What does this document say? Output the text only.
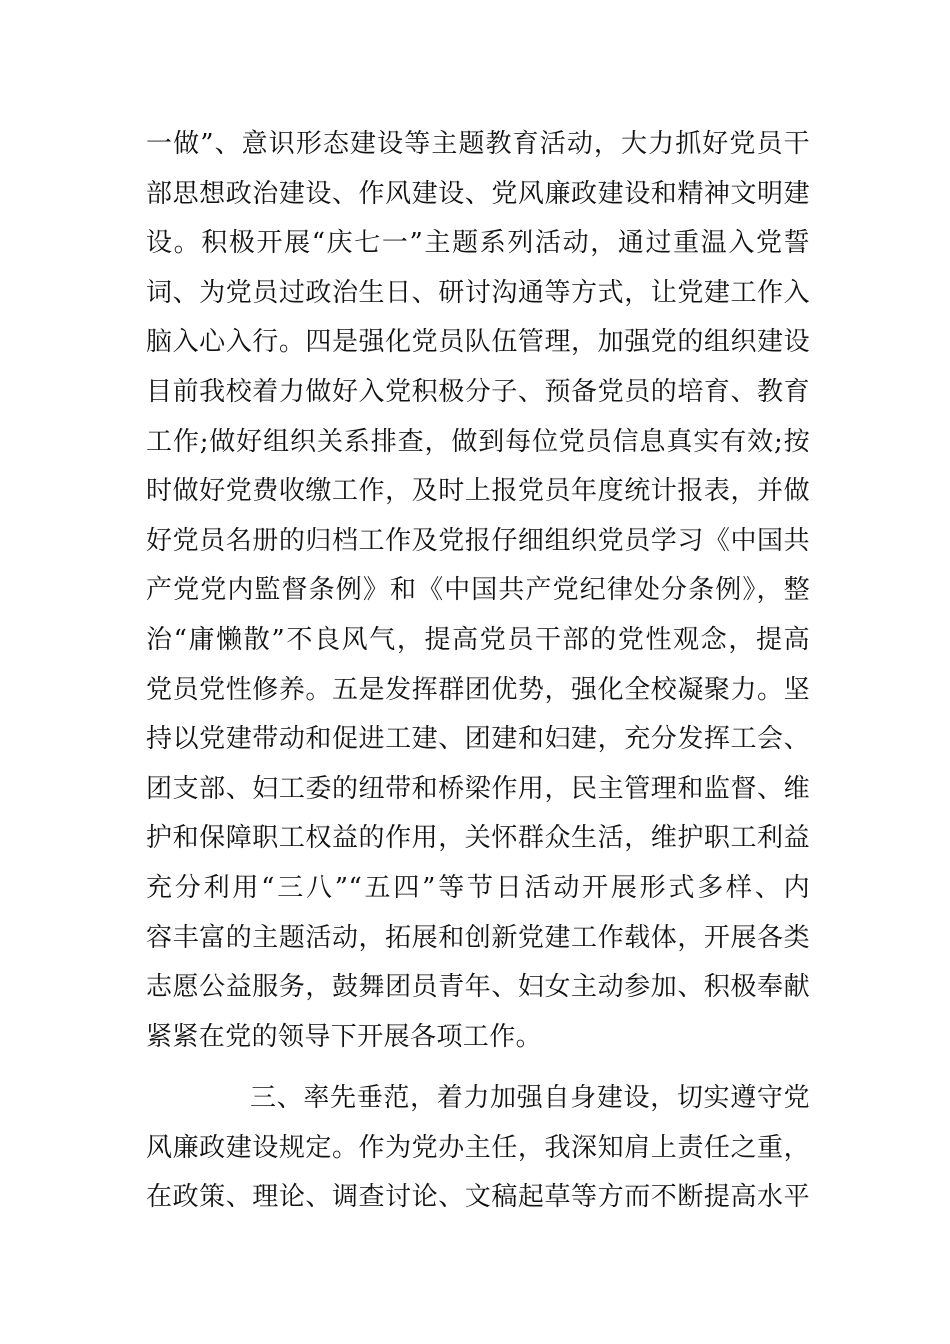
一做”、意识形态建设等主题教育活动，大力抓好党员干
部思想政治建设、作风建设、党风廉政建设和精神文明建
设。积极开展“庆七一”主题系列活动，通过重温入党誓
词、为党员过政治生日、研讨沟通等方式，让党建工作入
脑入心入行。四是强化党员队伍管理，加强党的组织建设
目前我校着力做好入党积极分子、预备党员的培育、教育
工作;做好组织关系排查，做到每位党员信息真实有效;按
时做好党费收缴工作，及时上报党员年度统计报表，并做
好党员名册的归档工作及党报仔细组织党员学习《中国共
产党党内監督条例》和《中国共产党纪律处分条例》，整
治“庸懒散”不良风气，提高党员干部的党性观念，提高
党员党性修养。五是发挥群团优势，强化全校凝聚力。坚
持以党建带动和促进工建、团建和妇建，充分发挥工会、
团支部、妇工委的纽带和桥梁作用，民主管理和监督、维
护和保障职工权益的作用，关怀群众生活，维护职工利益
充分利用“三八”“五四”等节日活动开展形式多样、内
容丰富的主题活动，拓展和创新党建工作载体，开展各类
志愿公益服务，鼓舞团员青年、妇女主动参加、积极奉献
紧紧在党的领导下开展各项工作。
三、率先垂范，着力加强自身建设，切实遵守党
风廉政建设规定。作为党办主任，我深知肩上责任之重，
在政策、理论、调查讨论、文稿起草等方而不断提高水平
